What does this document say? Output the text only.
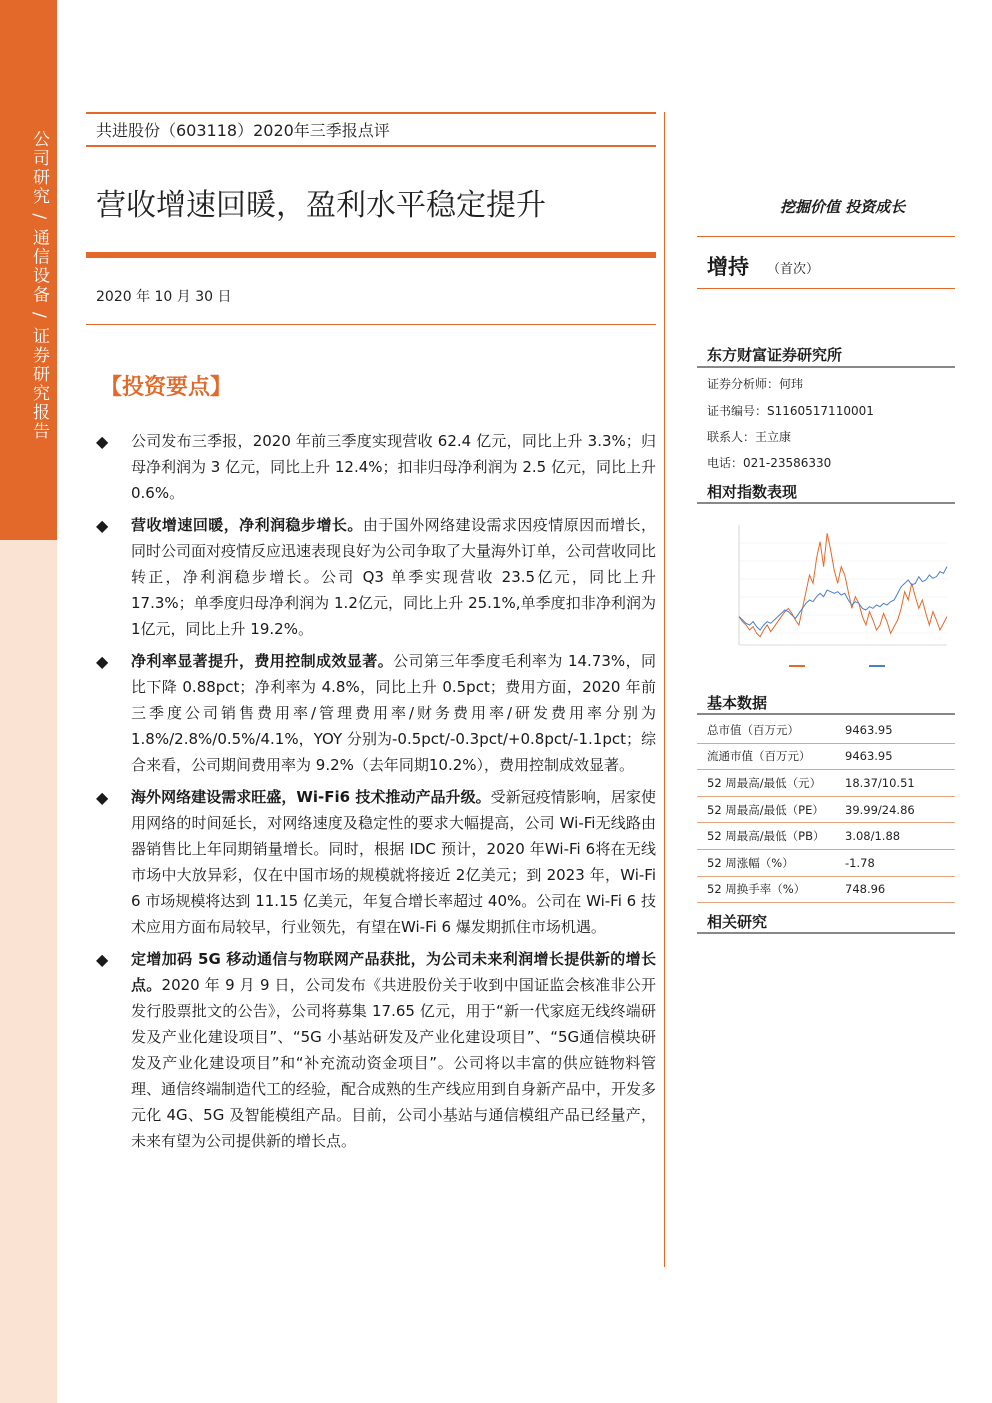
公司研究 / 通信设备 / 证券研究报告	共进股份（603118）2020年三季报点评
营收增速回暖，盈利水平稳定提升
2020 年 10 月 30 日
【投资要点】

◆ 公司发布三季报，2020 年前三季度实现营收 62.4 亿元，同比上升 3.3%；归母净利润为 3 亿元，同比上升 12.4%；扣非归母净利润为 2.5 亿元，同比上升 0.6%。

◆ 营收增速回暖，净利润稳步增长。由于国外网络建设需求因疫情原因而增长，同时公司面对疫情反应迅速表现良好为公司争取了大量海外订单，公司营收同比转正，净利润稳步增长。公司 Q3 单季实现营收 23.5亿元，同比上升 17.3%；单季度归母净利润为 1.2亿元，同比上升 25.1%,单季度扣非净利润为 1亿元，同比上升 19.2%。

◆ 净利率显著提升，费用控制成效显著。公司第三年季度毛利率为 14.73%，同比下降 0.88pct；净利率为 4.8%，同比上升 0.5pct；费用方面，2020 年前三季度公司销售费用率/管理费用率/财务费用率/研发费用率分别为 1.8%/2.8%/0.5%/4.1%，YOY 分别为-0.5pct/-0.3pct/+0.8pct/-1.1pct；综合来看，公司期间费用率为 9.2%（去年同期10.2%），费用控制成效显著。

◆ 海外网络建设需求旺盛，Wi-Fi6 技术推动产品升级。受新冠疫情影响，居家使用网络的时间延长，对网络速度及稳定性的要求大幅提高，公司 Wi-Fi无线路由器销售比上年同期销量增长。同时，根据 IDC 预计，2020 年Wi-Fi 6将在无线市场中大放异彩，仅在中国市场的规模就将接近 2亿美元；到 2023 年，Wi-Fi 6 市场规模将达到 11.15 亿美元，年复合增长率超过 40%。公司在 Wi-Fi 6 技术应用方面布局较早，行业领先，有望在Wi-Fi 6 爆发期抓住市场机遇。

◆ 定增加码 5G 移动通信与物联网产品获批，为公司未来利润增长提供新的增长点。2020 年 9 月 9 日，公司发布《共进股份关于收到中国证监会核准非公开发行股票批文的公告》，公司将募集 17.65 亿元，用于“新一代家庭无线终端研发及产业化建设项目”、“5G 小基站研发及产业化建设项目”、“5G通信模块研发及产业化建设项目”和“补充流动资金项目”。公司将以丰富的供应链物料管理、通信终端制造代工的经验，配合成熟的生产线应用到自身新产品中，开发多元化 4G、5G 及智能模组产品。目前，公司小基站与通信模组产品已经量产，未来有望为公司提供新的增长点。

挖掘价值 投资成长
增持 （首次）
东方财富证券研究所
证券分析师：何玮
证书编号：S1160517110001
联系人：王立康
电话：021-23586330
相对指数表现
基本数据
总市值（百万元）	9463.95
流通市值（百万元）	9463.95
52 周最高/最低（元）	18.37/10.51
52 周最高/最低（PE）	39.99/24.86
52 周最高/最低（PB）	3.08/1.88
52 周涨幅（%）	-1.78
52 周换手率（%）	748.96
相关研究
